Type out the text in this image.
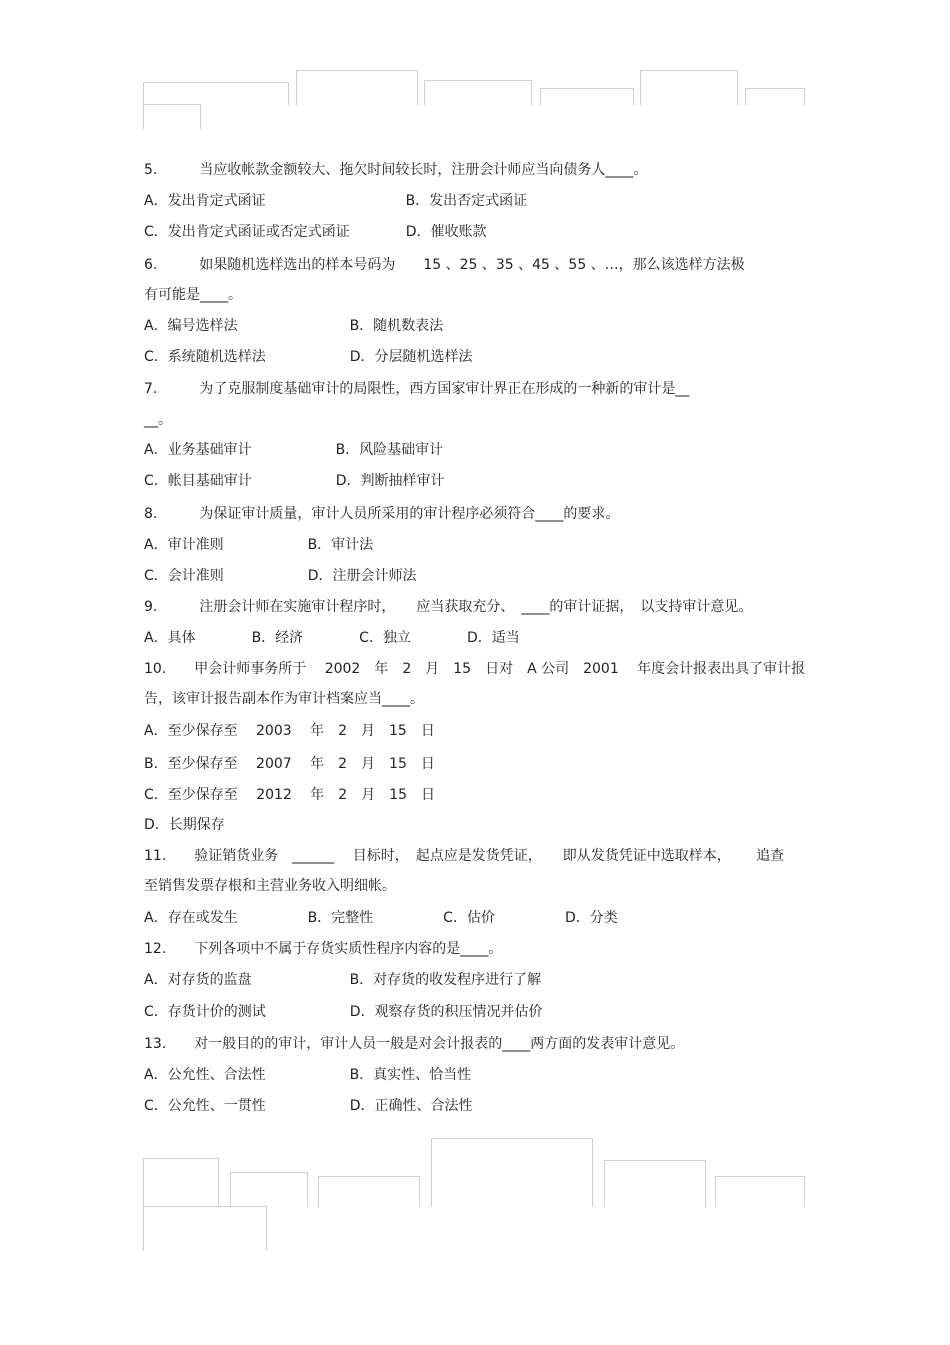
5.　　　当应收帐款金额较大、拖欠时间较长时，注册会计师应当向债务人____。
A．发出肯定式函证　　　　　　　　　　B．发出否定式函证
C．发出肯定式函证或否定式函证　　　　D．催收账款
6.　　　如果随机选样选出的样本号码为　　15 、25 、35 、45 、55 、…，那么该选样方法极
有可能是____。
A．编号选样法　　　　　　　　B．随机数表法
C．系统随机选样法　　　　　　D．分层随机选样法
7.　　　为了克服制度基础审计的局限性，西方国家审计界正在形成的一种新的审计是__
__。
A．业务基础审计　　　　　　B．风险基础审计
C．帐目基础审计　　　　　　D．判断抽样审计
8.　　　为保证审计质量，审计人员所采用的审计程序必须符合____的要求。
A．审计准则　　　　　　B．审计法
C．会计准则　　　　　　D．注册会计师法
9.　　　注册会计师在实施审计程序时，　　应当获取充分、　____的审计证据，　以支持审计意见。
A．具体　　　　B．经济　　　　C．独立　　　　D．适当
10.　　甲会计师事务所于　 2002　年　2　月　15　日对　A 公司　2001　 年度会计报表出具了审计报
告，该审计报告副本作为审计档案应当____。
A．至少保存至　 2003　 年　2　月　15　日
B．至少保存至　 2007　 年　2　月　15　日
C．至少保存至　 2012　 年　2　月　15　日
D．长期保存
11.　　验证销货业务　______　 目标时，　起点应是发货凭证，　　即从发货凭证中选取样本，　　 追查
至销售发票存根和主营业务收入明细帐。
A．存在或发生　　　　　B．完整性　　　　　C．估价　　　　　D．分类
12.　　下列各项中不属于存货实质性程序内容的是____。
A．对存货的监盘　　　　　　　B．对存货的收发程序进行了解
C．存货计价的测试　　　　　　D．观察存货的积压情况并估价
13.　　对一般目的的审计，审计人员一般是对会计报表的____两方面的发表审计意见。
A．公允性、合法性　　　　　　B．真实性、恰当性
C．公允性、一贯性　　　　　　D．正确性、合法性
